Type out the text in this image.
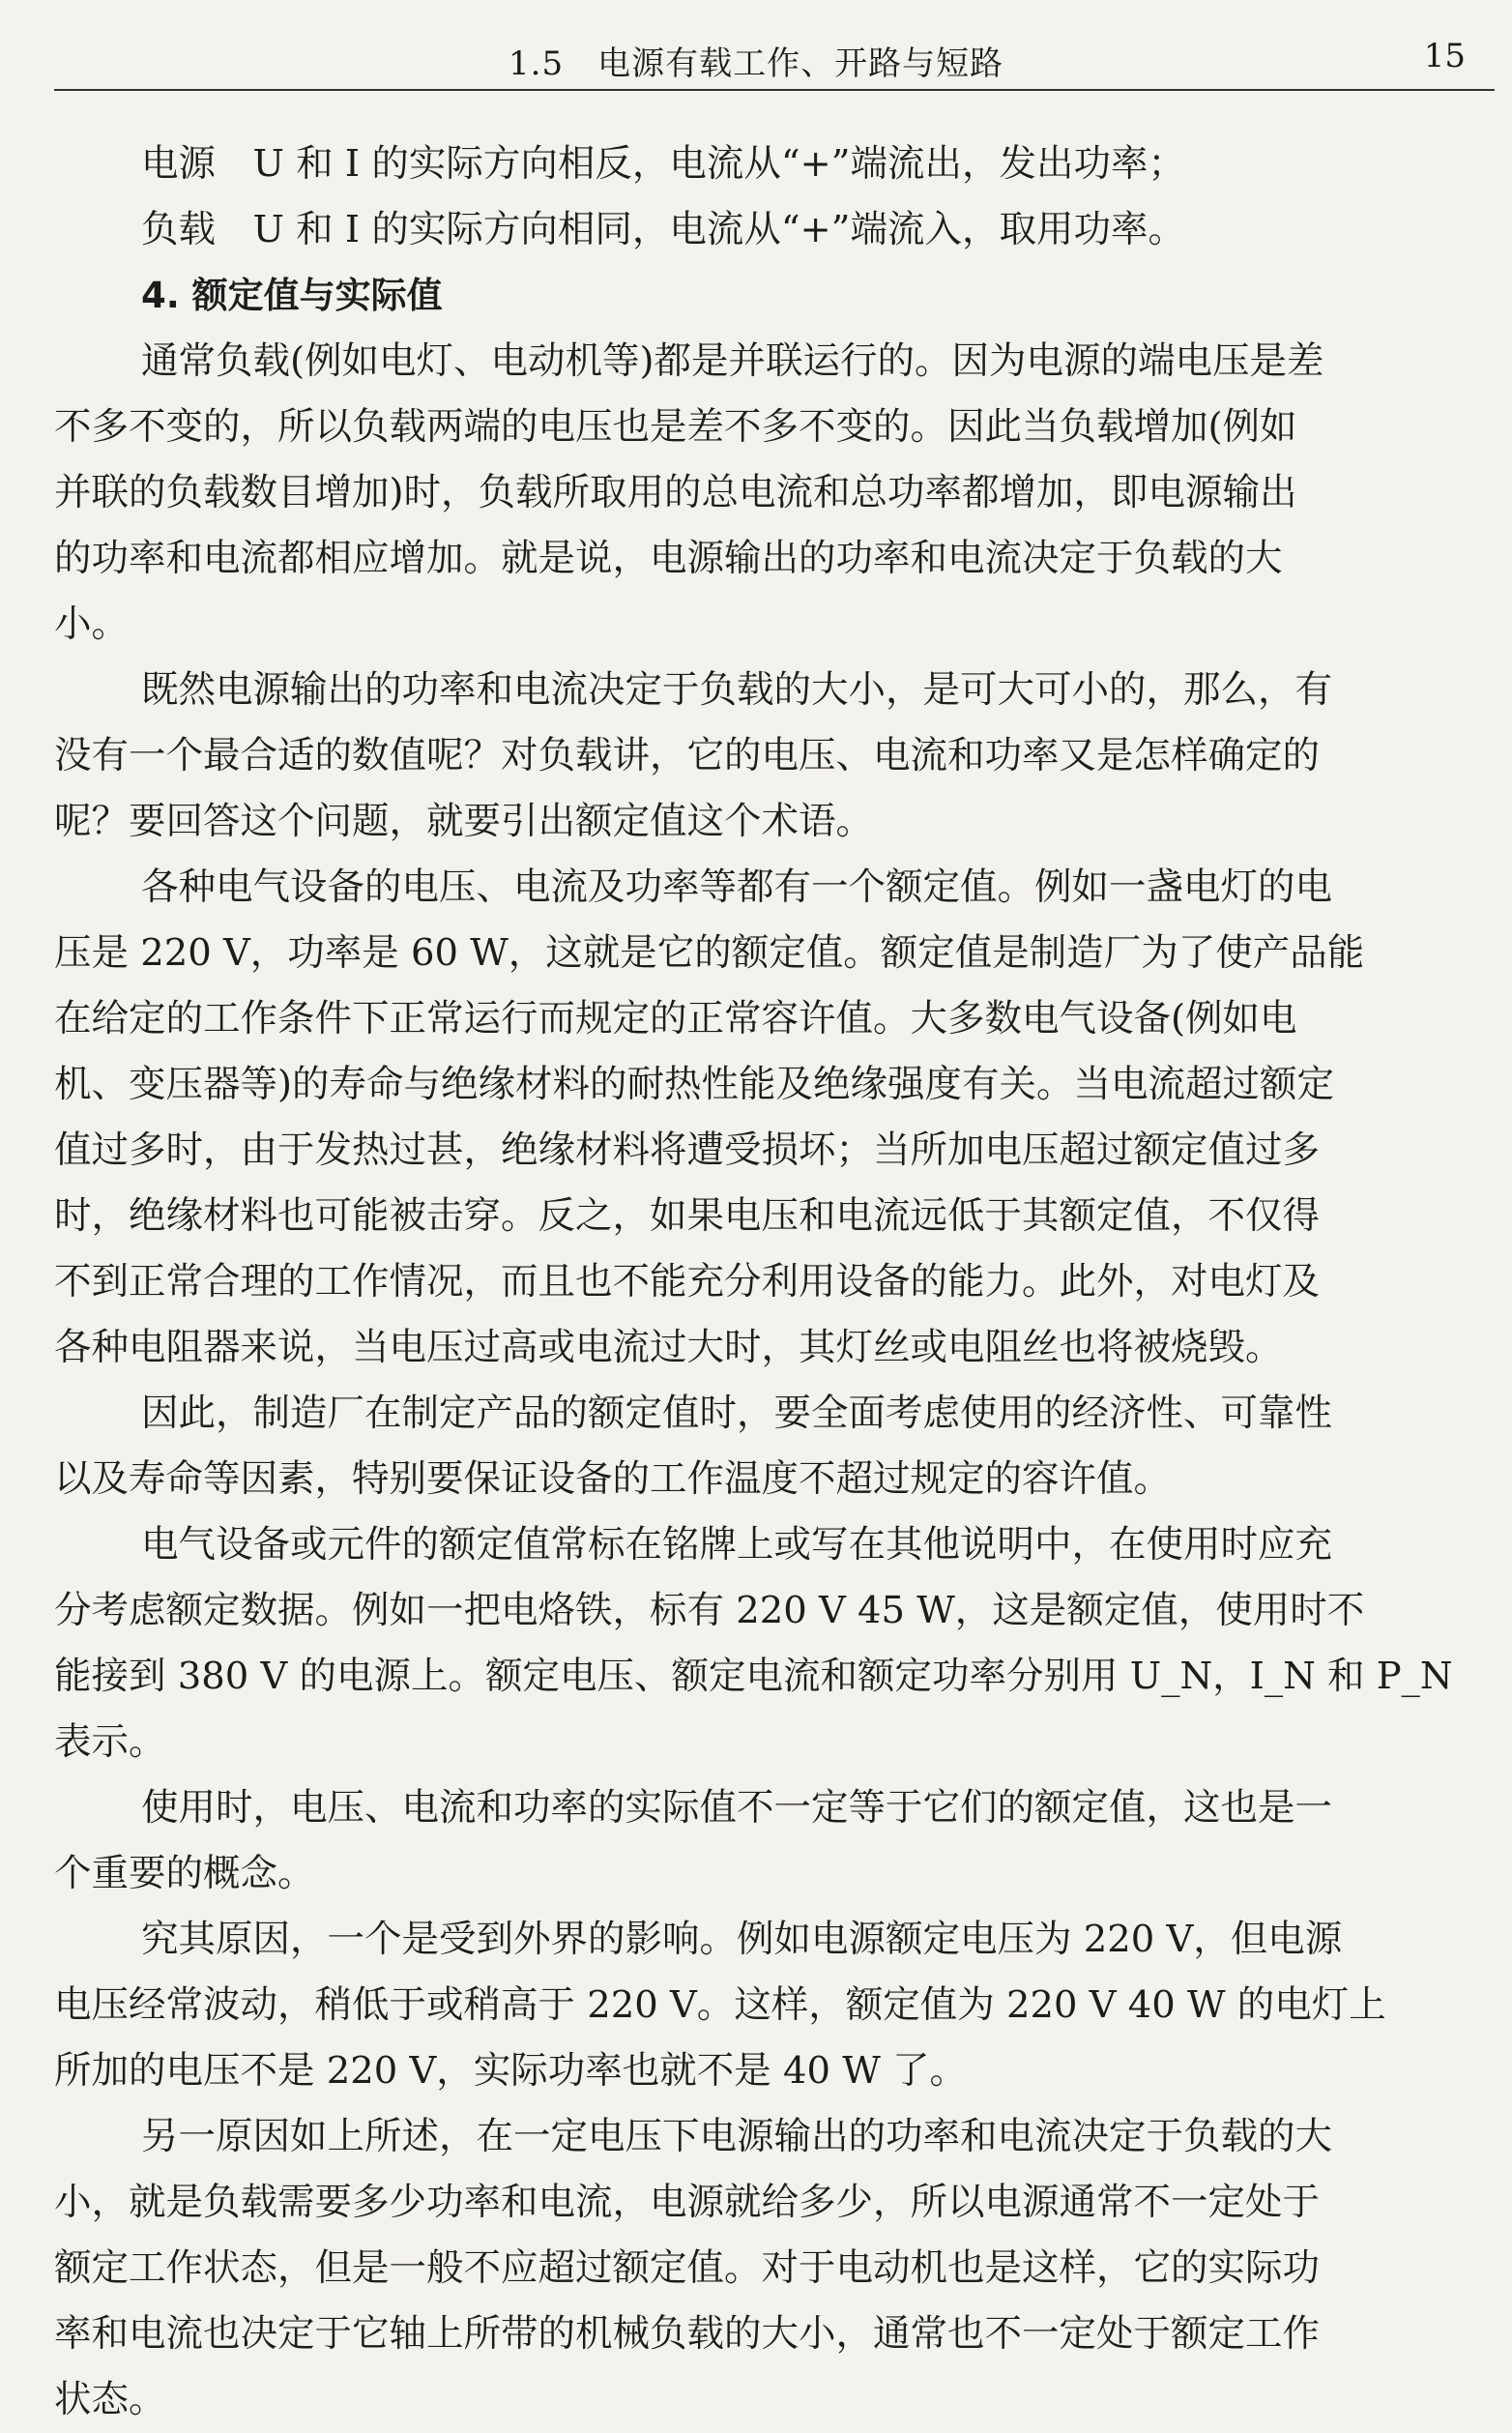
1.5　电源有载工作、开路与短路	15
电源　U 和 I 的实际方向相反，电流从“+”端流出，发出功率；
负载　U 和 I 的实际方向相同，电流从“+”端流入，取用功率。
4. 额定值与实际值
通常负载(例如电灯、电动机等)都是并联运行的。因为电源的端电压是差
不多不变的，所以负载两端的电压也是差不多不变的。因此当负载增加(例如
并联的负载数目增加)时，负载所取用的总电流和总功率都增加，即电源输出
的功率和电流都相应增加。就是说，电源输出的功率和电流决定于负载的大
小。
既然电源输出的功率和电流决定于负载的大小，是可大可小的，那么，有
没有一个最合适的数值呢？对负载讲，它的电压、电流和功率又是怎样确定的
呢？要回答这个问题，就要引出额定值这个术语。
各种电气设备的电压、电流及功率等都有一个额定值。例如一盏电灯的电
压是 220 V，功率是 60 W，这就是它的额定值。额定值是制造厂为了使产品能
在给定的工作条件下正常运行而规定的正常容许值。大多数电气设备(例如电
机、变压器等)的寿命与绝缘材料的耐热性能及绝缘强度有关。当电流超过额定
值过多时，由于发热过甚，绝缘材料将遭受损坏；当所加电压超过额定值过多
时，绝缘材料也可能被击穿。反之，如果电压和电流远低于其额定值，不仅得
不到正常合理的工作情况，而且也不能充分利用设备的能力。此外，对电灯及
各种电阻器来说，当电压过高或电流过大时，其灯丝或电阻丝也将被烧毁。
因此，制造厂在制定产品的额定值时，要全面考虑使用的经济性、可靠性
以及寿命等因素，特别要保证设备的工作温度不超过规定的容许值。
电气设备或元件的额定值常标在铭牌上或写在其他说明中，在使用时应充
分考虑额定数据。例如一把电烙铁，标有 220 V 45 W，这是额定值，使用时不
能接到 380 V 的电源上。额定电压、额定电流和额定功率分别用 U_N，I_N 和 P_N
表示。
使用时，电压、电流和功率的实际值不一定等于它们的额定值，这也是一
个重要的概念。
究其原因，一个是受到外界的影响。例如电源额定电压为 220 V，但电源
电压经常波动，稍低于或稍高于 220 V。这样，额定值为 220 V 40 W 的电灯上
所加的电压不是 220 V，实际功率也就不是 40 W 了。
另一原因如上所述，在一定电压下电源输出的功率和电流决定于负载的大
小，就是负载需要多少功率和电流，电源就给多少，所以电源通常不一定处于
额定工作状态，但是一般不应超过额定值。对于电动机也是这样，它的实际功
率和电流也决定于它轴上所带的机械负载的大小，通常也不一定处于额定工作
状态。
